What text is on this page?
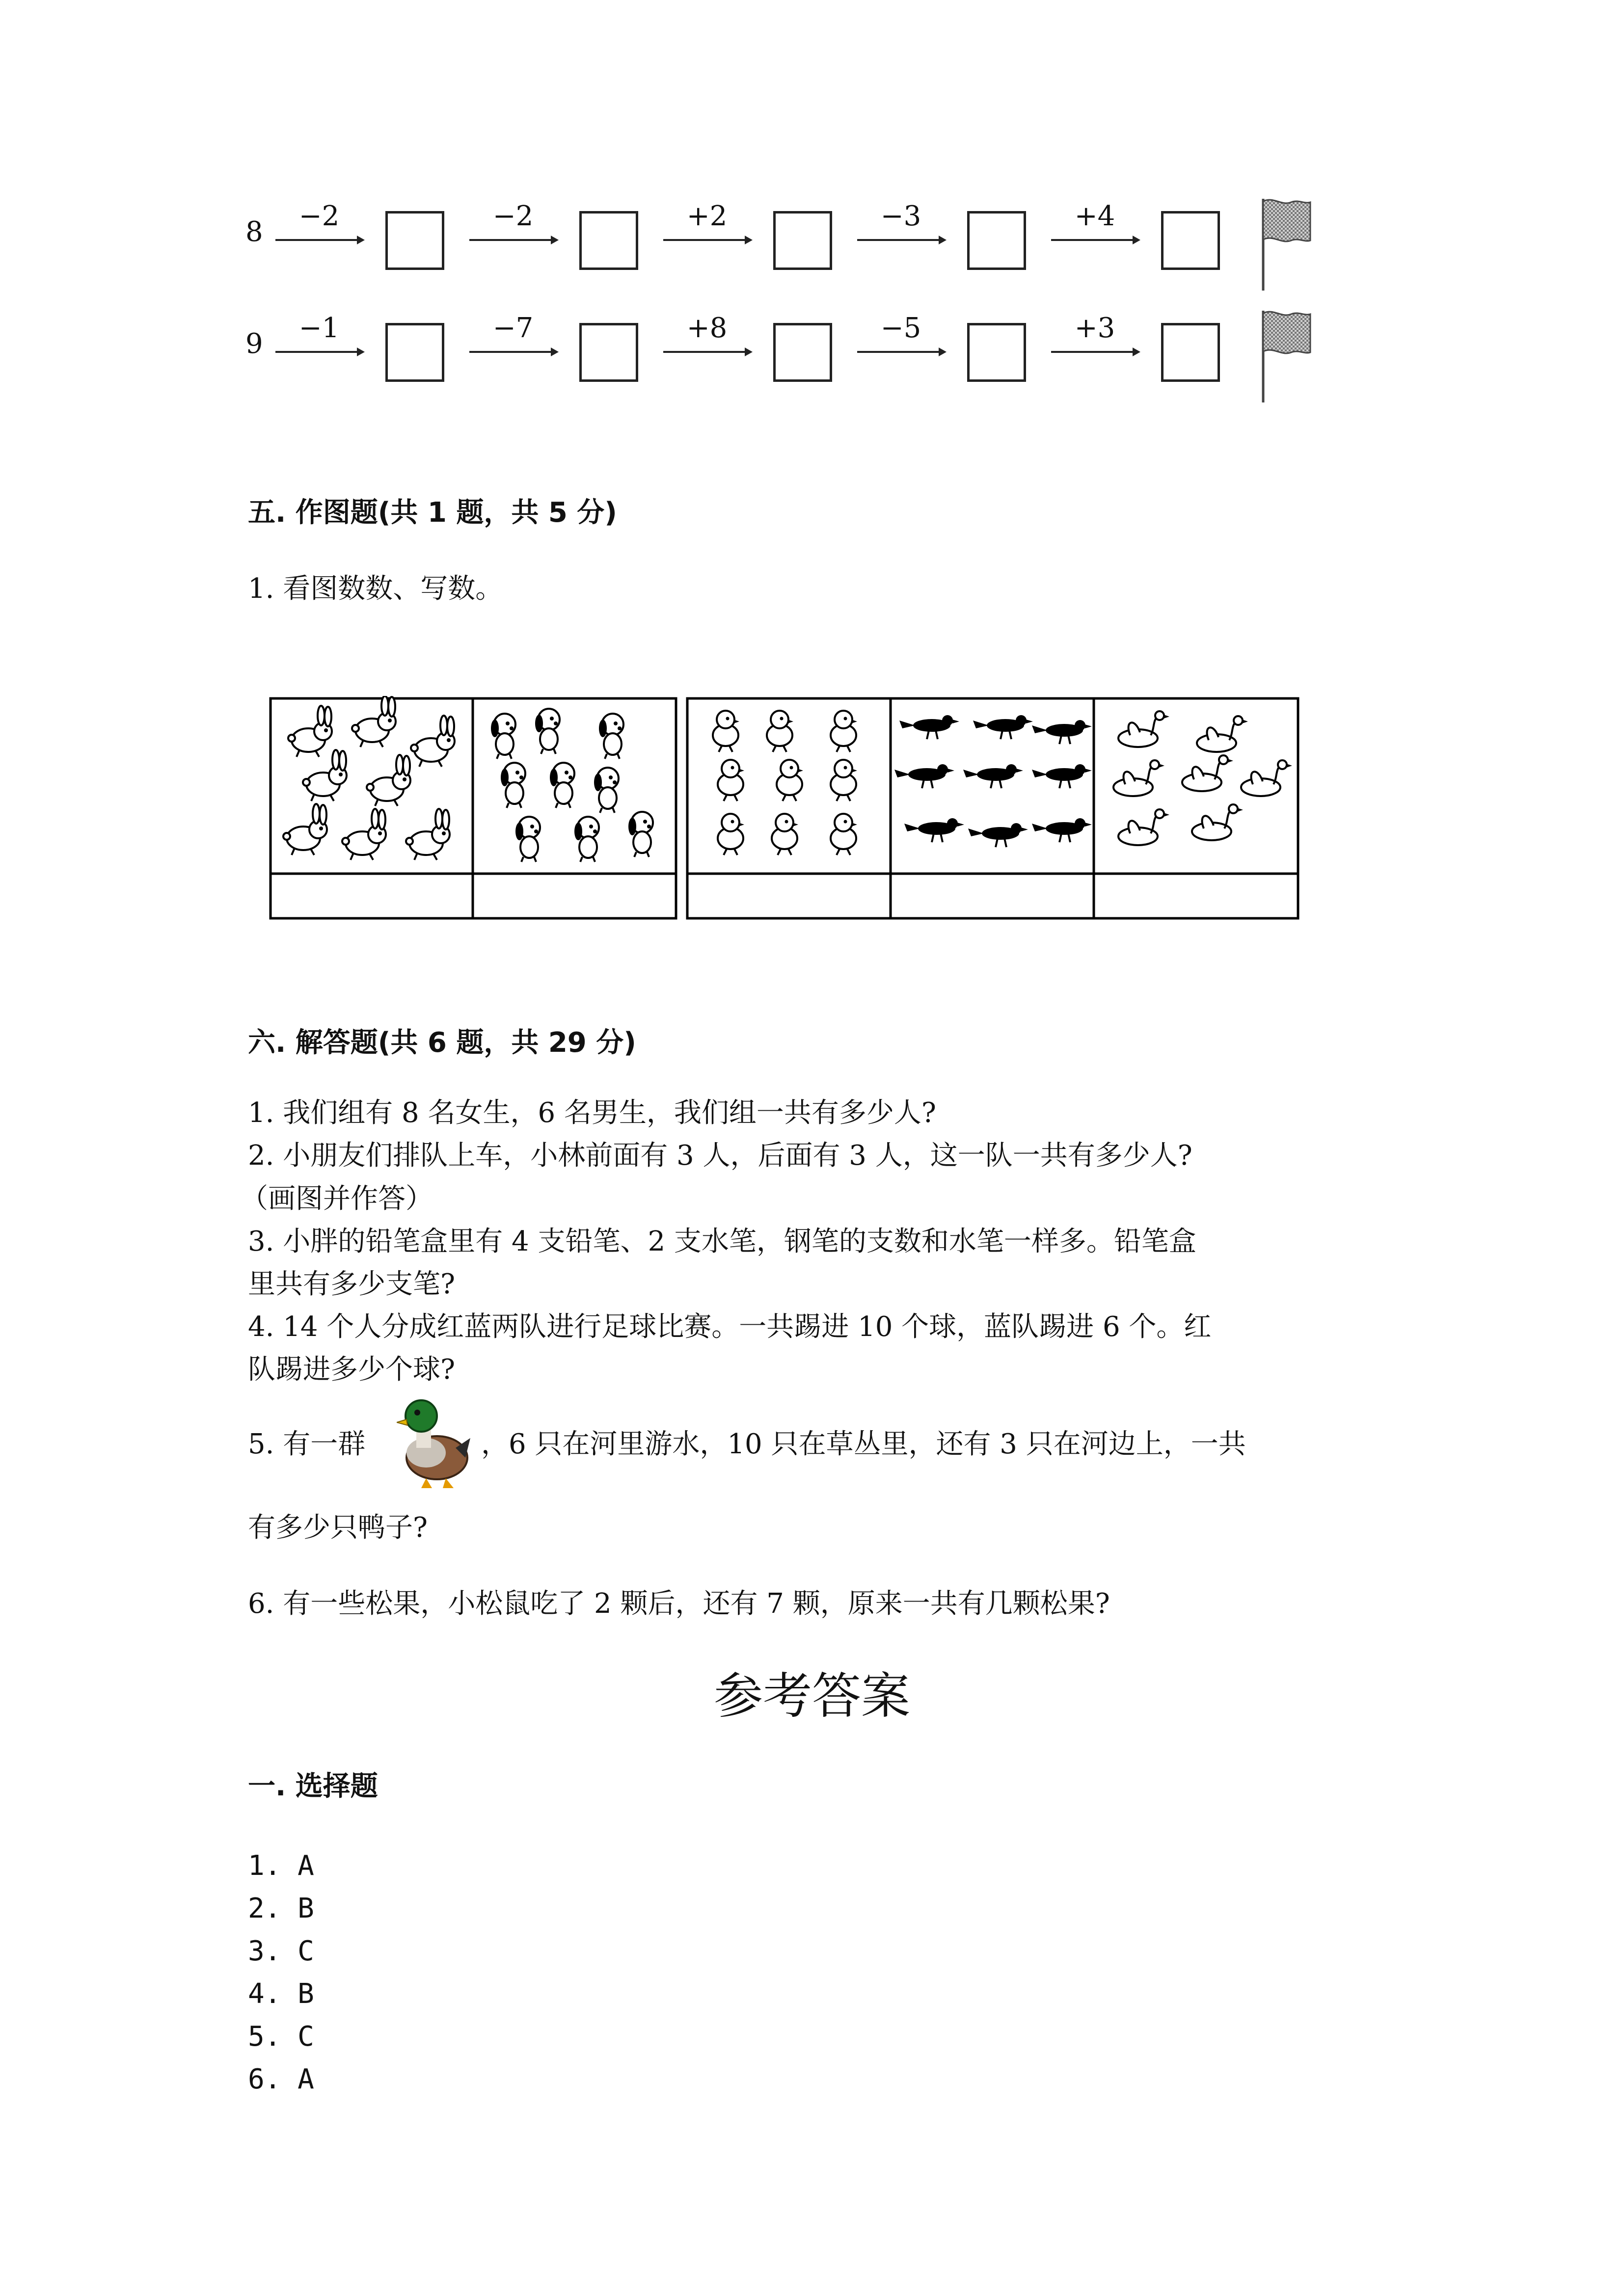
8	−2	−2	+2	−3	+4
9	−1	−7	+8	−5	+3
五. 作图题(共 1 题，共 5 分)
1. 看图数数、写数。
六. 解答题(共 6 题，共 29 分)
1. 我们组有 8 名女生，6 名男生，我们组一共有多少人?
2. 小朋友们排队上车，小林前面有 3 人，后面有 3 人，这一队一共有多少人?
（画图并作答）
3. 小胖的铅笔盒里有 4 支铅笔、2 支水笔，钢笔的支数和水笔一样多。铅笔盒
里共有多少支笔?
4. 14 个人分成红蓝两队进行足球比赛。一共踢进 10 个球，蓝队踢进 6 个。红
队踢进多少个球?
5. 有一群	，6 只在河里游水，10 只在草丛里，还有 3 只在河边上，一共
有多少只鸭子?
6. 有一些松果，小松鼠吃了 2 颗后，还有 7 颗，原来一共有几颗松果?
参考答案
一. 选择题
1. A
2. B
3. C
4. B
5. C
6. A
